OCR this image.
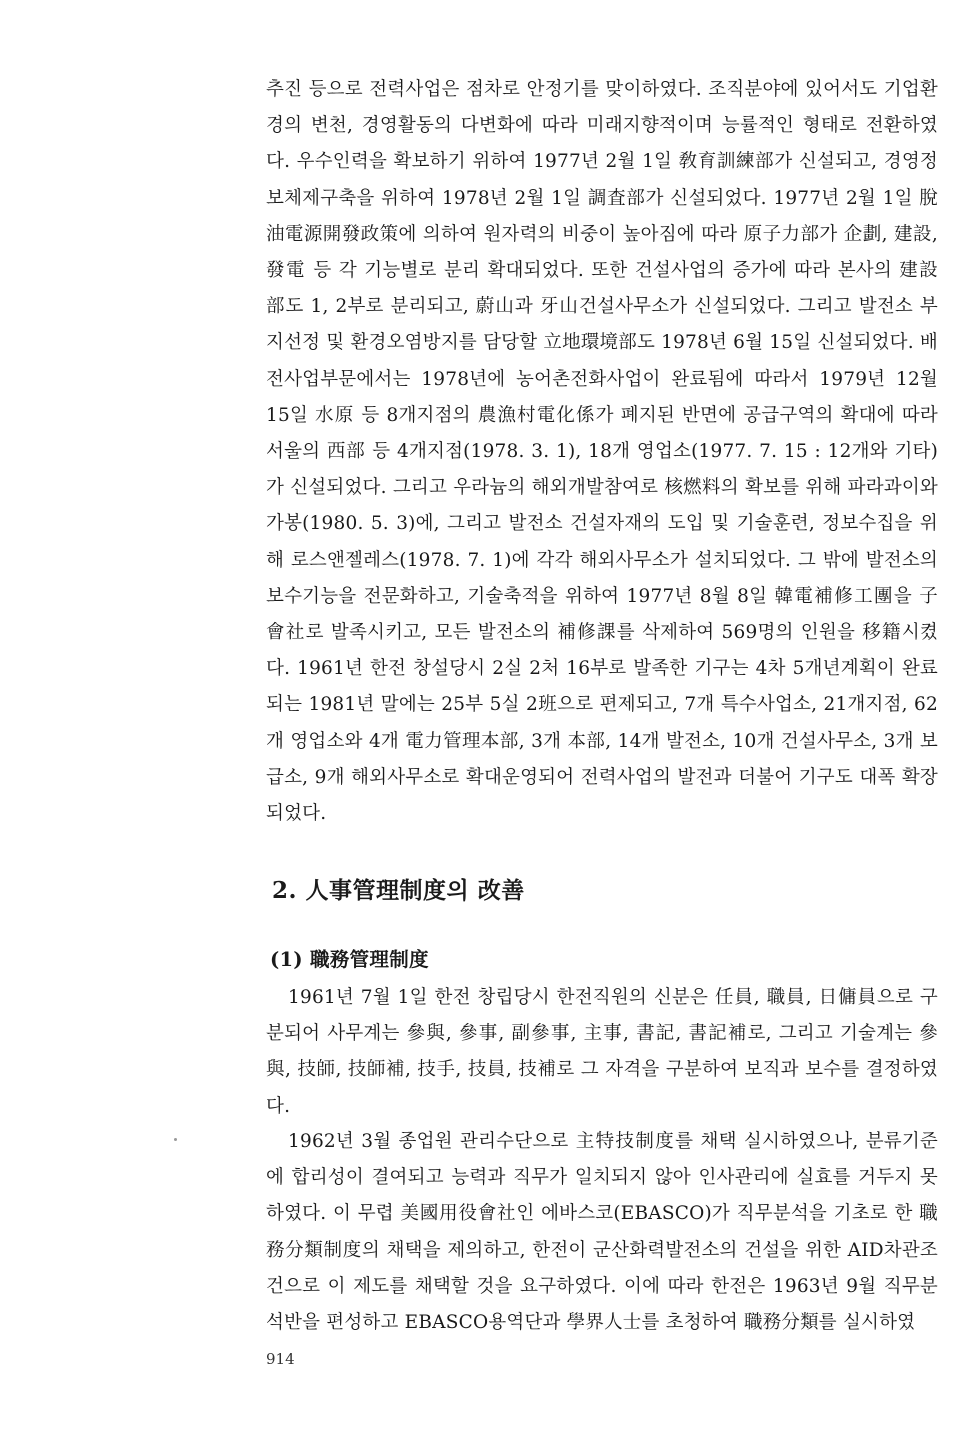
추진 등으로 전력사업은 점차로 안정기를 맞이하였다. 조직분야에 있어서도 기업환경의 변천, 경영활동의 다변화에 따라 미래지향적이며 능률적인 형태로 전환하였다. 우수인력을 확보하기 위하여 1977년 2월 1일 敎育訓練部가 신설되고, 경영정보체제구축을 위하여 1978년 2월 1일 調査部가 신설되었다. 1977년 2월 1일 脫油電源開發政策에 의하여 원자력의 비중이 높아짐에 따라 原子力部가 企劃, 建設, 發電 등 각 기능별로 분리 확대되었다. 또한 건설사업의 증가에 따라 본사의 建設部도 1, 2부로 분리되고, 蔚山과 牙山건설사무소가 신설되었다. 그리고 발전소 부지선정 및 환경오염방지를 담당할 立地環境部도 1978년 6월 15일 신설되었다. 배전사업부문에서는 1978년에 농어촌전화사업이 완료됨에 따라서 1979년 12월 15일 水原 등 8개지점의 農漁村電化係가 폐지된 반면에 공급구역의 확대에 따라 서울의 西部 등 4개지점(1978. 3. 1), 18개 영업소(1977. 7. 15 : 12개와 기타)가 신설되었다. 그리고 우라늄의 해외개발참여로 核燃料의 확보를 위해 파라과이와 가봉(1980. 5. 3)에, 그리고 발전소 건설자재의 도입 및 기술훈련, 정보수집을 위해 로스앤젤레스(1978. 7. 1)에 각각 해외사무소가 설치되었다. 그 밖에 발전소의 보수기능을 전문화하고, 기술축적을 위하여 1977년 8월 8일 韓電補修工團을 子會社로 발족시키고, 모든 발전소의 補修課를 삭제하여 569명의 인원을 移籍시켰다. 1961년 한전 창설당시 2실 2처 16부로 발족한 기구는 4차 5개년계획이 완료되는 1981년 말에는 25부 5실 2班으로 편제되고, 7개 특수사업소, 21개지점, 62개 영업소와 4개 電力管理本部, 3개 本部, 14개 발전소, 10개 건설사무소, 3개 보급소, 9개 해외사무소로 확대운영되어 전력사업의 발전과 더불어 기구도 대폭 확장되었다.

2. 人事管理制度의 改善
(1) 職務管理制度

1961년 7월 1일 한전 창립당시 한전직원의 신분은 任員, 職員, 日傭員으로 구분되어 사무계는 參與, 參事, 副參事, 主事, 書記, 書記補로, 그리고 기술계는 參與, 技師, 技師補, 技手, 技員, 技補로 그 자격을 구분하여 보직과 보수를 결정하였다.

1962년 3월 종업원 관리수단으로 主特技制度를 채택 실시하였으나, 분류기준에 합리성이 결여되고 능력과 직무가 일치되지 않아 인사관리에 실효를 거두지 못하였다. 이 무렵 美國用役會社인 에바스코(EBASCO)가 직무분석을 기초로 한 職務分類制度의 채택을 제의하고, 한전이 군산화력발전소의 건설을 위한 AID차관조건으로 이 제도를 채택할 것을 요구하였다. 이에 따라 한전은 1963년 9월 직무분석반을 편성하고 EBASCO용역단과 學界人士를 초청하여 職務分類를 실시하였

914
